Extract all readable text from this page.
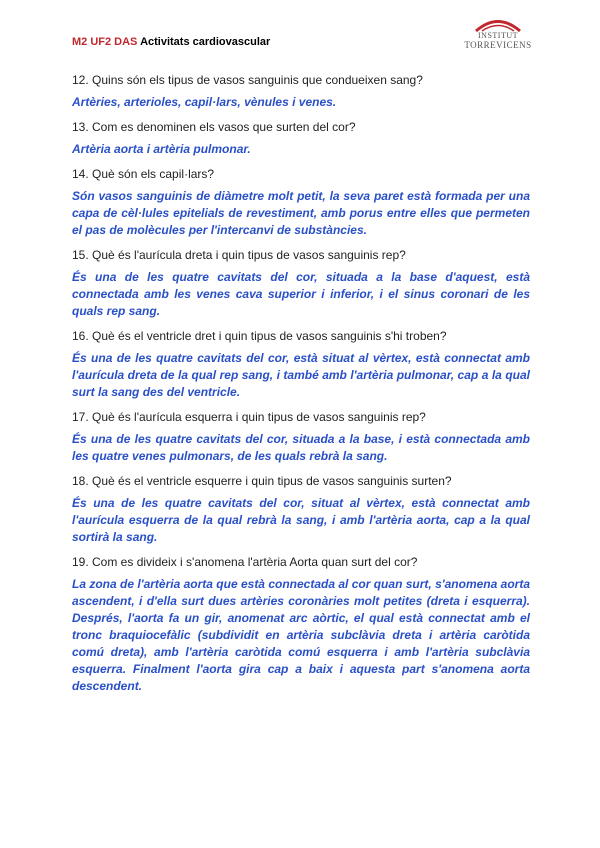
M2 UF2 DAS Activitats cardiovascular
INSTITUT
TORREVICENS

12. Quins són els tipus de vasos sanguinis que condueixen sang?

Artèries, arterioles, capil·lars, vènules i venes.

13. Com es denominen els vasos que surten del cor?

Artèria aorta i artèria pulmonar.

14. Què són els capil·lars?

Són vasos sanguinis de diàmetre molt petit, la seva paret està formada per una capa de cèl·lules epitelials de revestiment, amb porus entre elles que permeten el pas de molècules per l'intercanvi de substàncies.

15. Què és l'aurícula dreta i quin tipus de vasos sanguinis rep?

És una de les quatre cavitats del cor, situada a la base d'aquest, està connectada amb les venes cava superior i inferior, i el sinus coronari de les quals rep sang.

16. Què és el ventricle dret i quin tipus de vasos sanguinis s'hi troben?

És una de les quatre cavitats del cor, està situat al vèrtex, està connectat amb l'aurícula dreta de la qual rep sang, i també amb l'artèria pulmonar, cap a la qual surt la sang des del ventricle.

17. Què és l'aurícula esquerra i quin tipus de vasos sanguinis rep?

És una de les quatre cavitats del cor, situada a la base, i està connectada amb les quatre venes pulmonars, de les quals rebrà la sang.

18. Què és el ventricle esquerre i quin tipus de vasos sanguinis surten?

És una de les quatre cavitats del cor, situat al vèrtex, està connectat amb l'aurícula esquerra de la qual rebrà la sang, i amb l'artèria aorta, cap a la qual sortirà la sang.

19. Com es divideix i s'anomena l'artèria Aorta quan surt del cor?

La zona de l'artèria aorta que està connectada al cor quan surt, s'anomena aorta ascendent, i d'ella surt dues artèries coronàries molt petites (dreta i esquerra). Després, l'aorta fa un gir, anomenat arc aòrtic, el qual està connectat amb el tronc braquiocefàlic (subdividit en artèria subclàvia dreta i artèria caròtida comú dreta), amb l'artèria caròtida comú esquerra i amb l'artèria subclàvia esquerra. Finalment l'aorta gira cap a baix i aquesta part s'anomena aorta descendent.
